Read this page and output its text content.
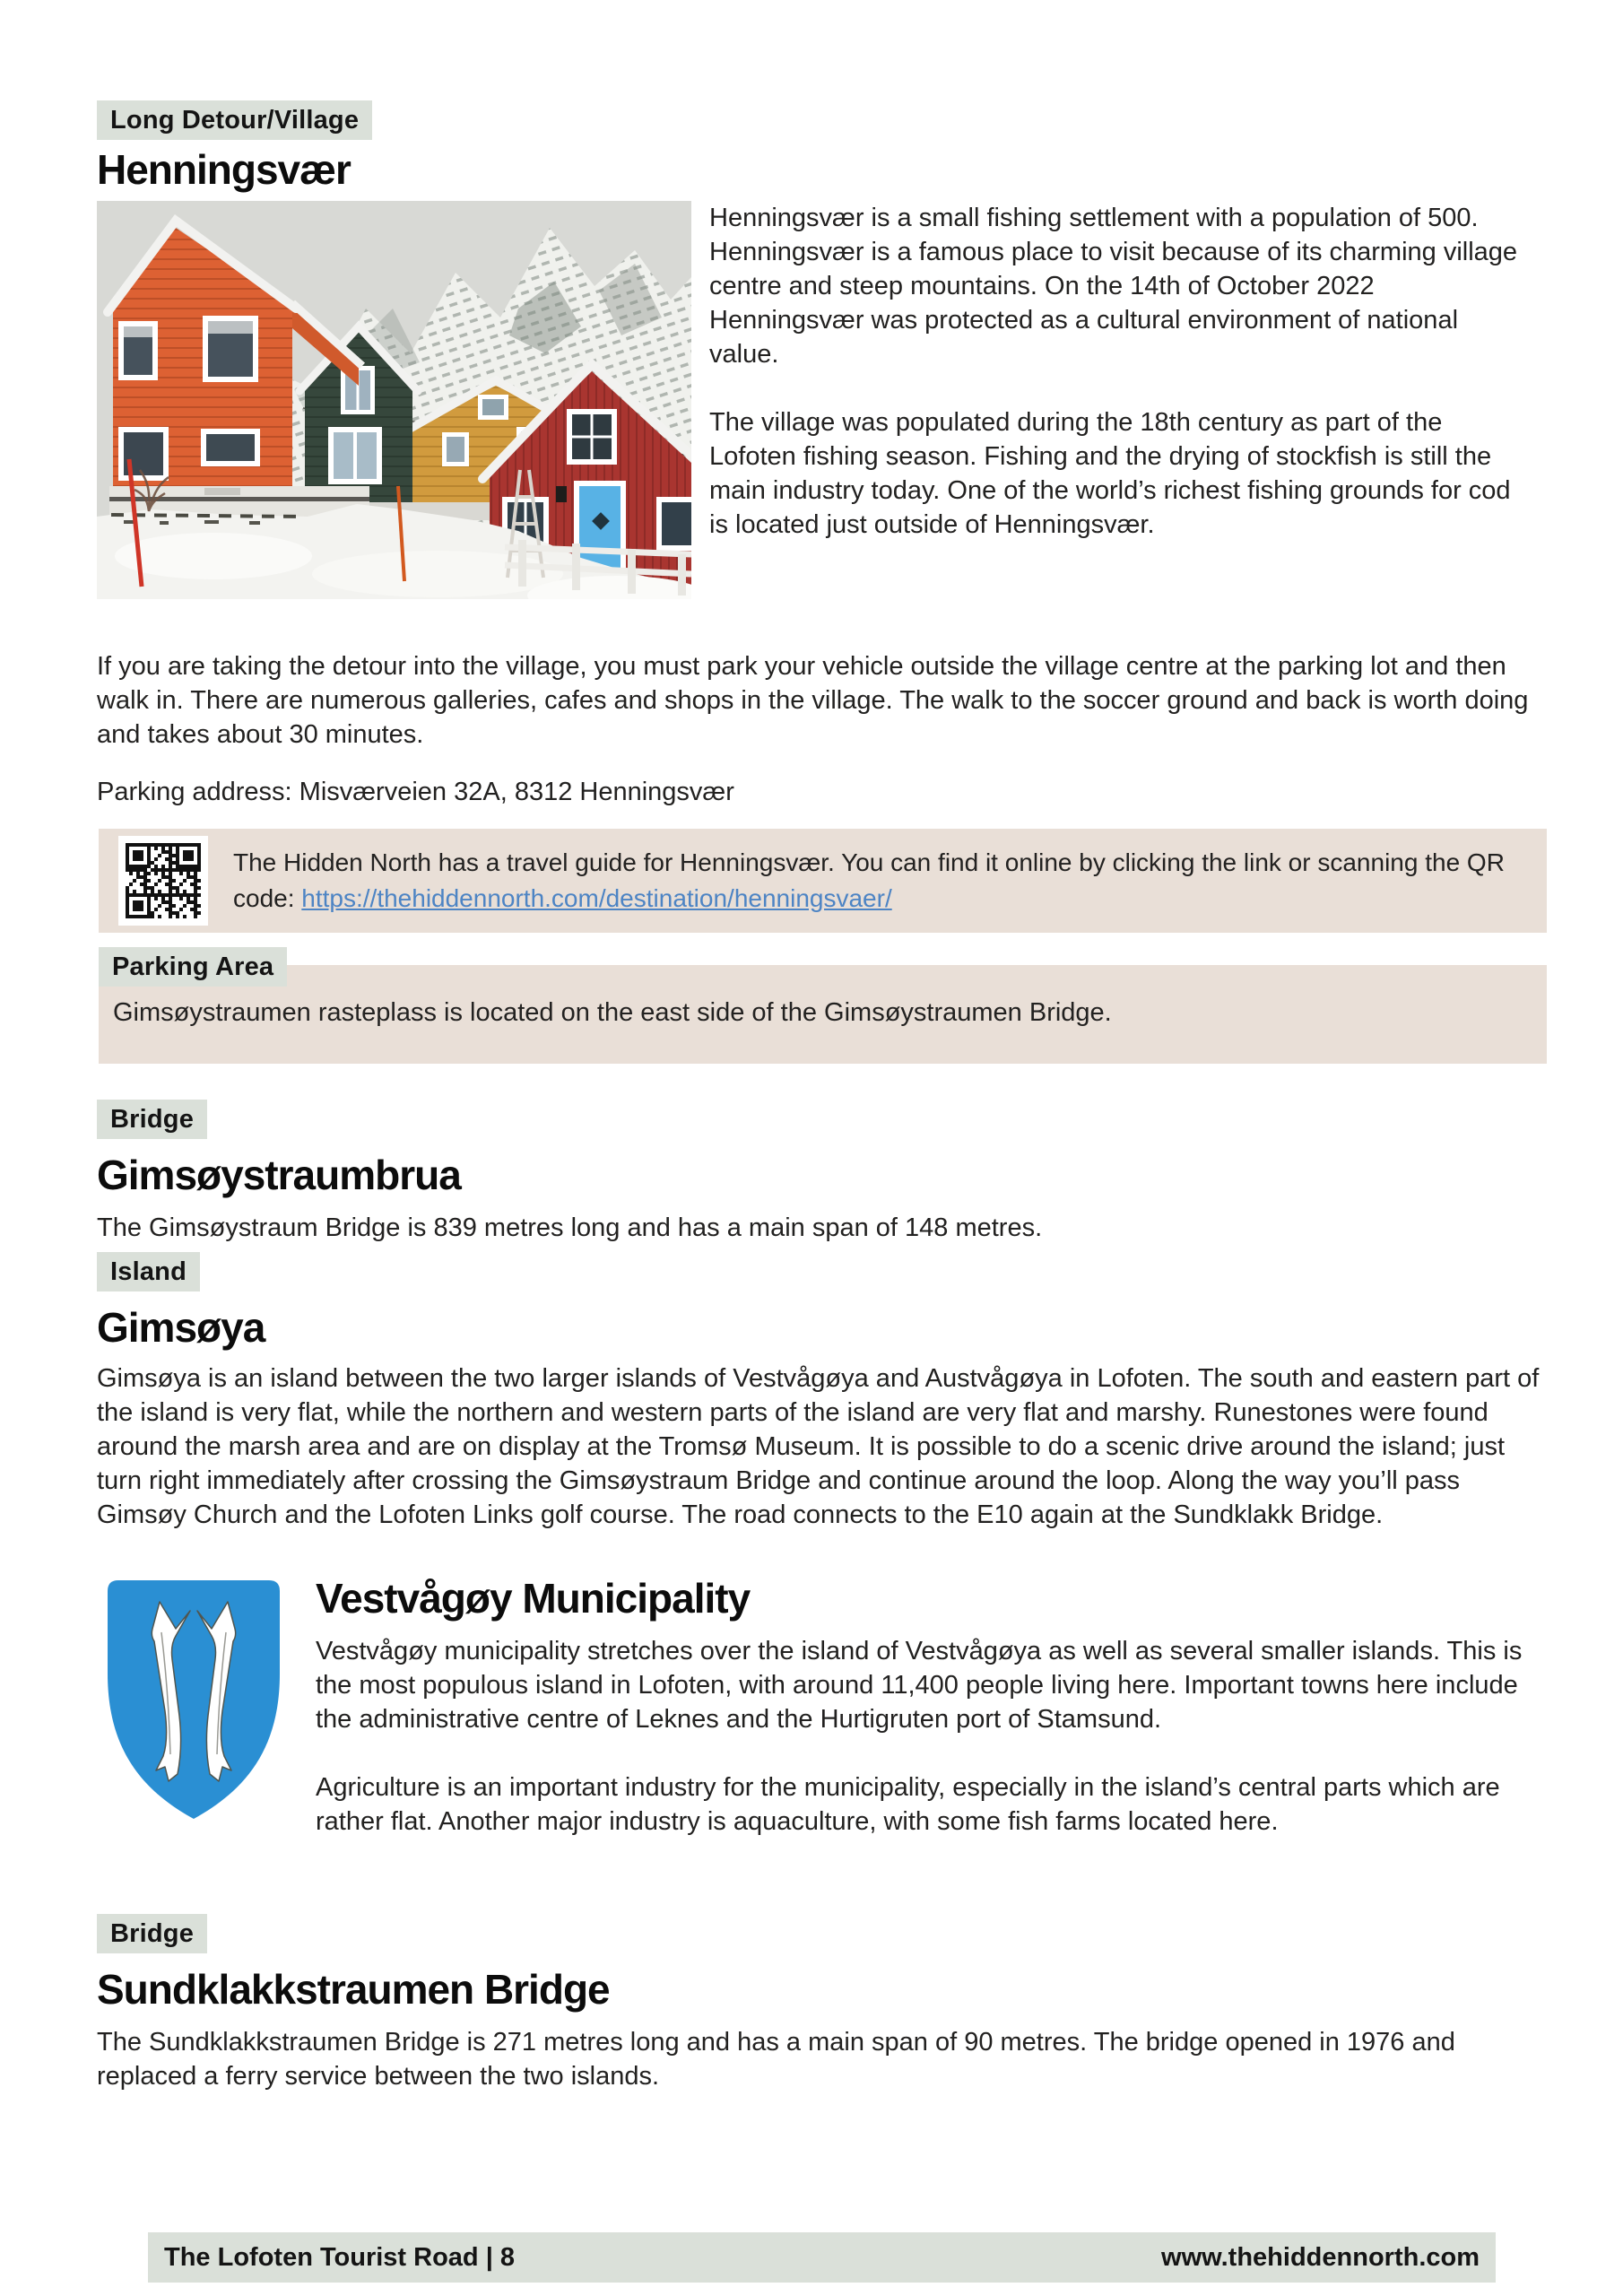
Long Detour/Village
Henningsvær

Henningsvær is a small fishing settlement with a population of 500. Henningsvær is a famous place to visit because of its charming village centre and steep mountains. On the 14th of October 2022 Henningsvær was protected as a cultural environment of national value.

The village was populated during the 18th century as part of the Lofoten fishing season. Fishing and the drying of stockfish is still the main industry today. One of the world’s richest fishing grounds for cod is located just outside of Henningsvær.

If you are taking the detour into the village, you must park your vehicle outside the village centre at the parking lot and then walk in. There are numerous galleries, cafes and shops in the village. The walk to the soccer ground and back is worth doing and takes about 30 minutes.

Parking address: Misværveien 32A, 8312 Henningsvær

The Hidden North has a travel guide for Henningsvær. You can find it online by clicking the link or scanning the QR code: https://thehiddennorth.com/destination/henningsvaer/
Parking Area

Gimsøystraumen rasteplass is located on the east side of the Gimsøystraumen Bridge.

Bridge
Gimsøystraumbrua

The Gimsøystraum Bridge is 839 metres long and has a main span of 148 metres.

Island
Gimsøya

Gimsøya is an island between the two larger islands of Vestvågøya and Austvågøya in Lofoten. The south and eastern part of the island is very flat, while the northern and western parts of the island are very flat and marshy. Runestones were found around the marsh area and are on display at the Tromsø Museum. It is possible to do a scenic drive around the island; just turn right immediately after crossing the Gimsøystraum Bridge and continue around the loop. Along the way you’ll pass Gimsøy Church and the Lofoten Links golf course. The road connects to the E10 again at the Sundklakk Bridge.

Vestvågøy Municipality

Vestvågøy municipality stretches over the island of Vestvågøya as well as several smaller islands. This is the most populous island in Lofoten, with around 11,400 people living here. Important towns here include the administrative centre of Leknes and the Hurtigruten port of Stamsund.

Agriculture is an important industry for the municipality, especially in the island’s central parts which are rather flat. Another major industry is aquaculture, with some fish farms located here.

Bridge
Sundklakkstraumen Bridge

The Sundklakkstraumen Bridge is 271 metres long and has a main span of 90 metres. The bridge opened in 1976 and replaced a ferry service between the two islands.

The Lofoten Tourist Road | 8	www.thehiddennorth.com
